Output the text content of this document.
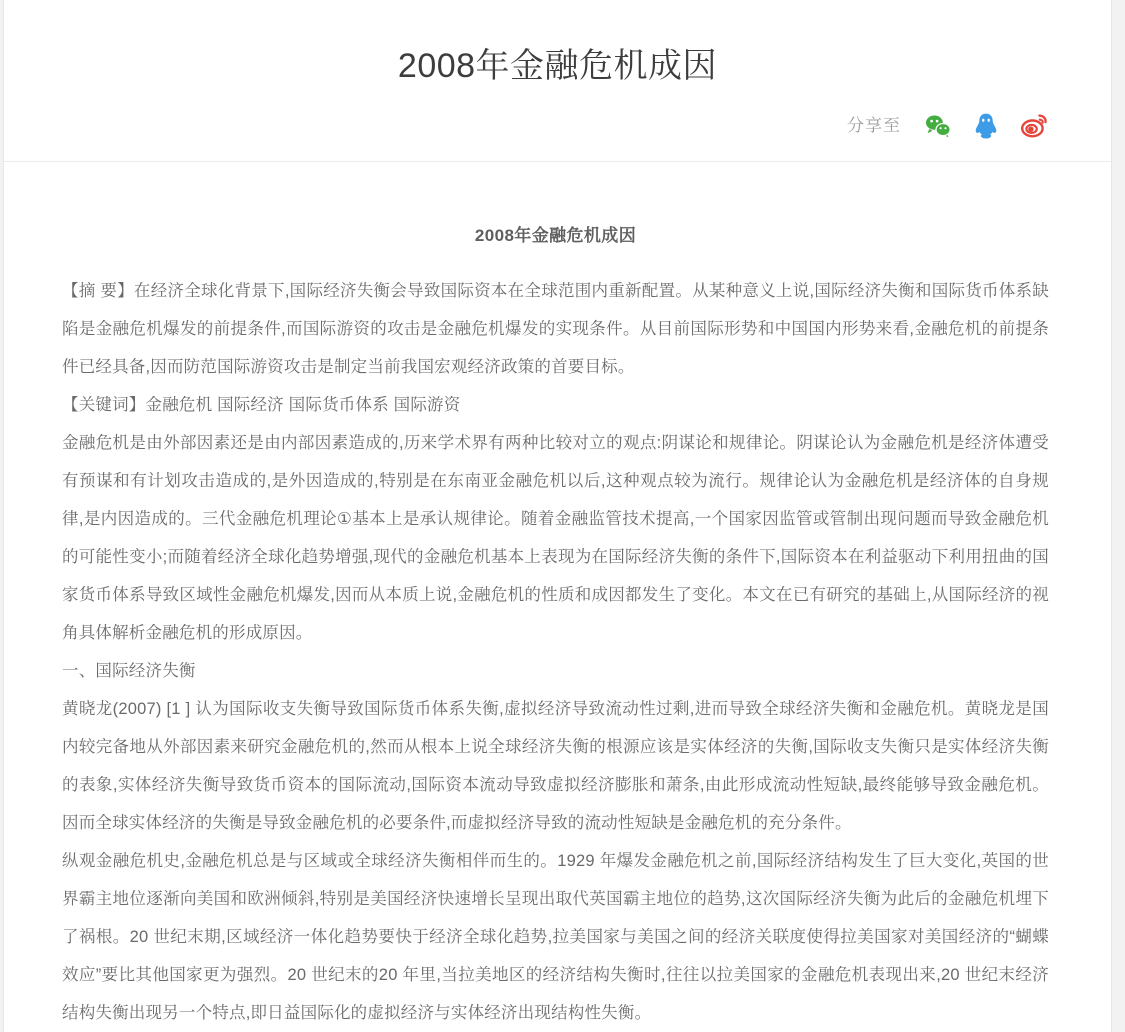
2008年金融危机成因
分享至
2008年金融危机成因

【摘 要】在经济全球化背景下,国际经济失衡会导致国际资本在全球范围内重新配置。从某种意义上说,国际经济失衡和国际货币体系缺陷是金融危机爆发的前提条件,而国际游资的攻击是金融危机爆发的实现条件。从目前国际形势和中国国内形势来看,金融危机的前提条件已经具备,因而防范国际游资攻击是制定当前我国宏观经济政策的首要目标。

【关键词】金融危机 国际经济 国际货币体系 国际游资

金融危机是由外部因素还是由内部因素造成的,历来学术界有两种比较对立的观点:阴谋论和规律论。阴谋论认为金融危机是经济体遭受有预谋和有计划攻击造成的,是外因造成的,特别是在东南亚金融危机以后,这种观点较为流行。规律论认为金融危机是经济体的自身规律,是内因造成的。三代金融危机理论①基本上是承认规律论。随着金融监管技术提高,一个国家因监管或管制出现问题而导致金融危机的可能性变小;而随着经济全球化趋势增强,现代的金融危机基本上表现为在国际经济失衡的条件下,国际资本在利益驱动下利用扭曲的国家货币体系导致区域性金融危机爆发,因而从本质上说,金融危机的性质和成因都发生了变化。本文在已有研究的基础上,从国际经济的视角具体解析金融危机的形成原因。

一、国际经济失衡

黄晓龙(2007) [1 ] 认为国际收支失衡导致国际货币体系失衡,虚拟经济导致流动性过剩,进而导致全球经济失衡和金融危机。黄晓龙是国内较完备地从外部因素来研究金融危机的,然而从根本上说全球经济失衡的根源应该是实体经济的失衡,国际收支失衡只是实体经济失衡的表象,实体经济失衡导致货币资本的国际流动,国际资本流动导致虚拟经济膨胀和萧条,由此形成流动性短缺,最终能够导致金融危机。因而全球实体经济的失衡是导致金融危机的必要条件,而虚拟经济导致的流动性短缺是金融危机的充分条件。

纵观金融危机史,金融危机总是与区域或全球经济失衡相伴而生的。1929 年爆发金融危机之前,国际经济结构发生了巨大变化,英国的世界霸主地位逐渐向美国和欧洲倾斜,特别是美国经济快速增长呈现出取代英国霸主地位的趋势,这次国际经济失衡为此后的金融危机埋下了祸根。20 世纪末期,区域经济一体化趋势要快于经济全球化趋势,拉美国家与美国之间的经济关联度使得拉美国家对美国经济的“蝴蝶效应”要比其他国家更为强烈。20 世纪末的20 年里,当拉美地区的经济结构失衡时,往往以拉美国家的金融危机表现出来,20 世纪末经济结构失衡出现另一个特点,即日益国际化的虚拟经济与实体经济出现结构性失衡。
